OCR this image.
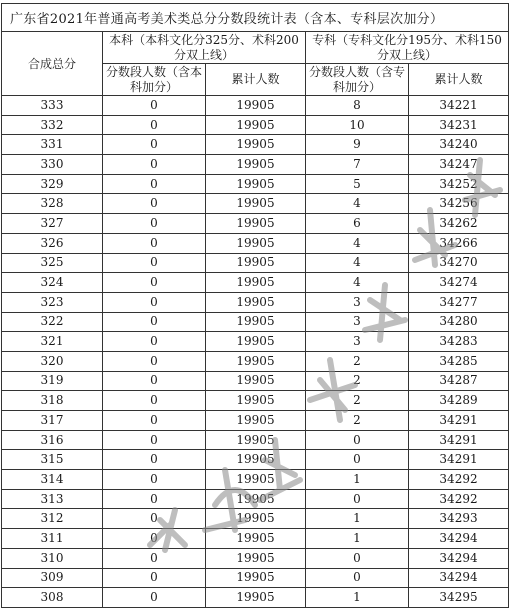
广东省2021年普通高考美术类总分分数段统计表（含本、专科层次加分）				
合成总分	本科（本科文化分325分、术科200分双上线）		专科（专科文化分195分、术科150分双上线）	
	分数段人数（含本科加分）	累计人数	分数段人数（含专科加分）	累计人数
333	0	19905	8	34221
332	0	19905	10	34231
331	0	19905	9	34240
330	0	19905	7	34247
329	0	19905	5	34252
328	0	19905	4	34256
327	0	19905	6	34262
326	0	19905	4	34266
325	0	19905	4	34270
324	0	19905	4	34274
323	0	19905	3	34277
322	0	19905	3	34280
321	0	19905	3	34283
320	0	19905	2	34285
319	0	19905	2	34287
318	0	19905	2	34289
317	0	19905	2	34291
316	0	19905	0	34291
315	0	19905	0	34291
314	0	19905	1	34292
313	0	19905	0	34292
312	0	19905	1	34293
311	0	19905	1	34294
310	0	19905	0	34294
309	0	19905	0	34294
308	0	19905	1	34295
